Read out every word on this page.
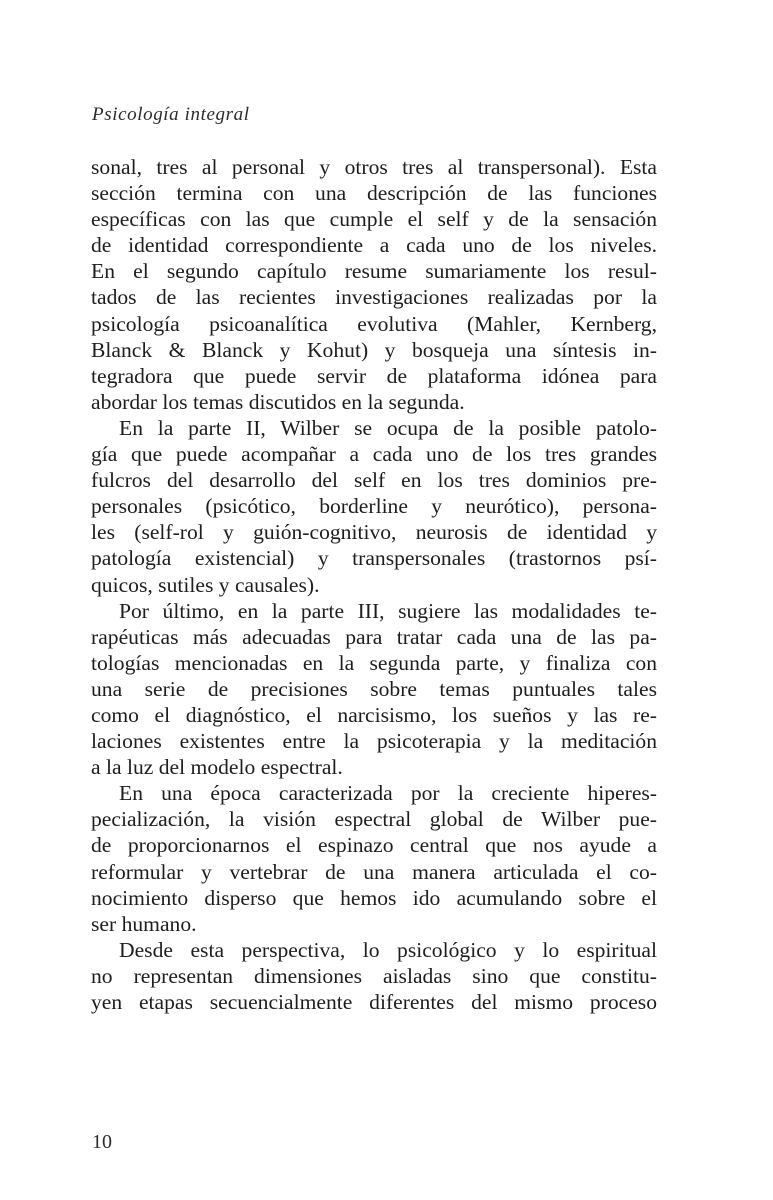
Psicología integral

sonal, tres al personal y otros tres al transpersonal). Esta
sección termina con una descripción de las funciones
específicas con las que cumple el self y de la sensación
de identidad correspondiente a cada uno de los niveles.
En el segundo capítulo resume sumariamente los resul-
tados de las recientes investigaciones realizadas por la
psicología psicoanalítica evolutiva (Mahler, Kernberg,
Blanck & Blanck y Kohut) y bosqueja una síntesis in-
tegradora que puede servir de plataforma idónea para
abordar los temas discutidos en la segunda.
En la parte II, Wilber se ocupa de la posible patolo-
gía que puede acompañar a cada uno de los tres grandes
fulcros del desarrollo del self en los tres dominios pre-
personales (psicótico, borderline y neurótico), persona-
les (self-rol y guión-cognitivo, neurosis de identidad y
patología existencial) y transpersonales (trastornos psí-
quicos, sutiles y causales).
Por último, en la parte III, sugiere las modalidades te-
rapéuticas más adecuadas para tratar cada una de las pa-
tologías mencionadas en la segunda parte, y finaliza con
una serie de precisiones sobre temas puntuales tales
como el diagnóstico, el narcisismo, los sueños y las re-
laciones existentes entre la psicoterapia y la meditación
a la luz del modelo espectral.
En una época caracterizada por la creciente hiperes-
pecialización, la visión espectral global de Wilber pue-
de proporcionarnos el espinazo central que nos ayude a
reformular y vertebrar de una manera articulada el co-
nocimiento disperso que hemos ido acumulando sobre el
ser humano.
Desde esta perspectiva, lo psicológico y lo espiritual
no representan dimensiones aisladas sino que constitu-
yen etapas secuencialmente diferentes del mismo proceso

10
